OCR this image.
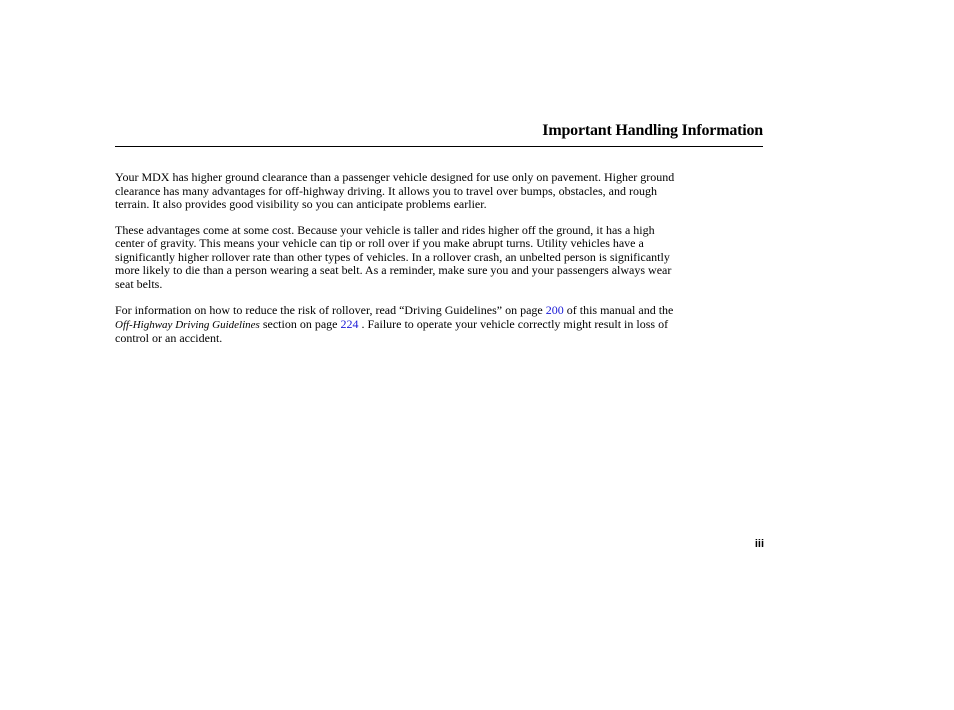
Important Handling Information

Your MDX has higher ground clearance than a passenger vehicle designed for use only on pavement. Higher ground
clearance has many advantages for off-highway driving. It allows you to travel over bumps, obstacles, and rough
terrain. It also provides good visibility so you can anticipate problems earlier.

These advantages come at some cost. Because your vehicle is taller and rides higher off the ground, it has a high
center of gravity. This means your vehicle can tip or roll over if you make abrupt turns. Utility vehicles have a
significantly higher rollover rate than other types of vehicles. In a rollover crash, an unbelted person is significantly
more likely to die than a person wearing a seat belt. As a reminder, make sure you and your passengers always wear
seat belts.

For information on how to reduce the risk of rollover, read “Driving Guidelines” on page 200 of this manual and the
Off-Highway Driving Guidelines section on page 224 . Failure to operate your vehicle correctly might result in loss of
control or an accident.

iii
